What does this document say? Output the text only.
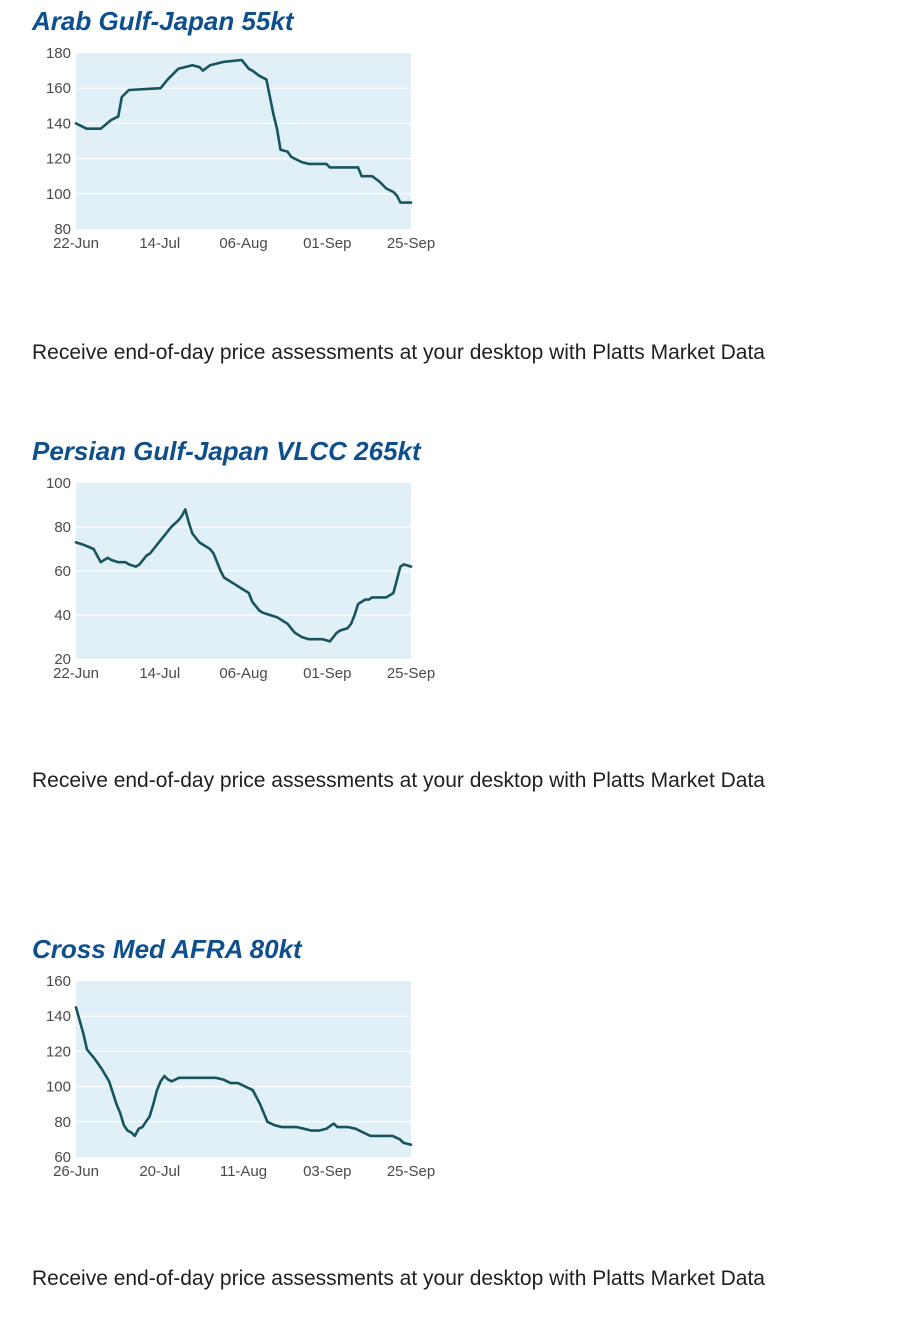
Arab Gulf-Japan 55kt
80
100
120
140
160
180
22-Jun	14-Jul	06-Aug 01-Sep 25-Sep

Receive end-of-day price assessments at your desktop with Platts Market Data

Persian Gulf-Japan VLCC 265kt
20
40
60
80
100
22-Jun	14-Jul	06-Aug 01-Sep 25-Sep

Receive end-of-day price assessments at your desktop with Platts Market Data

Cross Med AFRA 80kt
60
80
100
120
140
160
26-Jun	20-Jul	11-Aug 03-Sep 25-Sep

Receive end-of-day price assessments at your desktop with Platts Market Data
